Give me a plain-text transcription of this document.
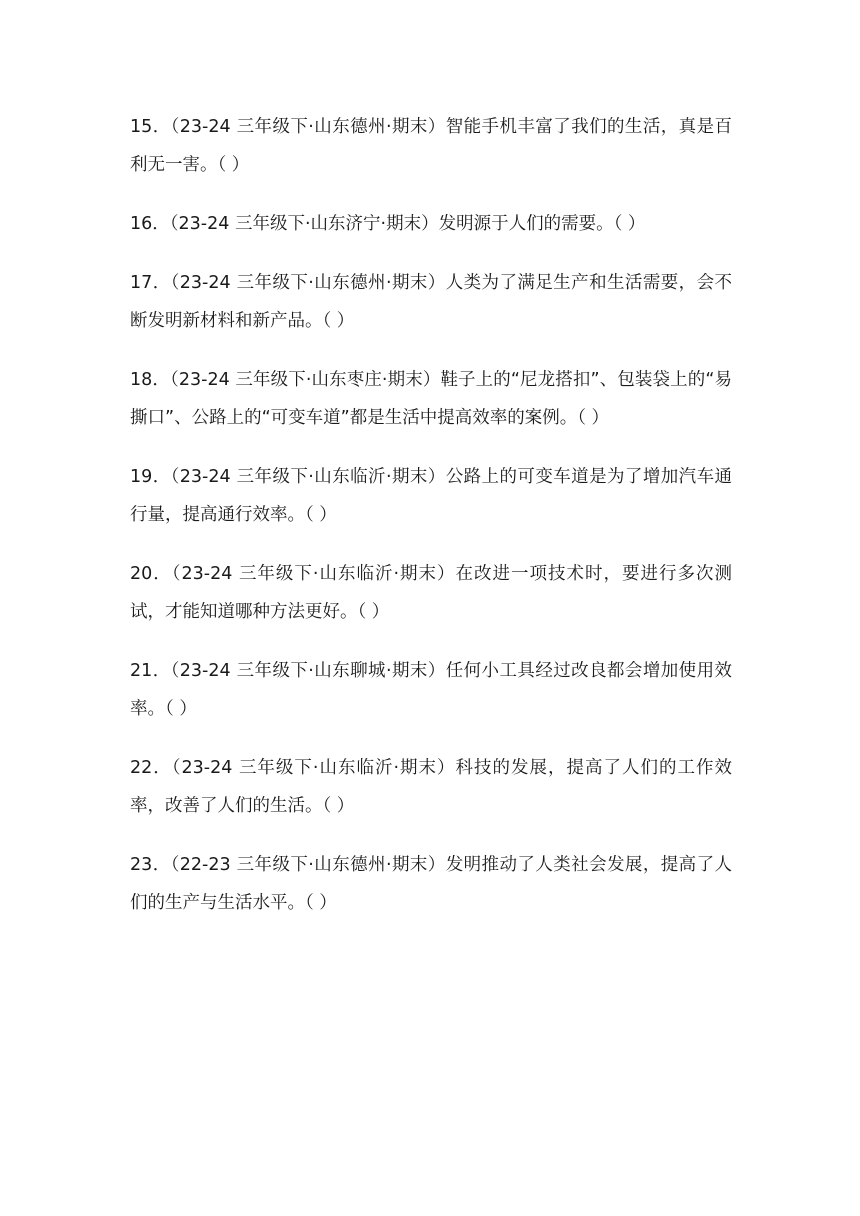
15．（23-24 三年级下·山东德州·期末）智能手机丰富了我们的生活，真是百利无一害。（ ）
16．（23-24 三年级下·山东济宁·期末）发明源于人们的需要。（ ）
17．（23-24 三年级下·山东德州·期末）人类为了满足生产和生活需要，会不断发明新材料和新产品。（ ）
18．（23-24 三年级下·山东枣庄·期末）鞋子上的“尼龙搭扣”、包装袋上的“易撕口”、公路上的“可变车道”都是生活中提高效率的案例。（ ）
19．（23-24 三年级下·山东临沂·期末）公路上的可变车道是为了增加汽车通行量，提高通行效率。（ ）
20．（23-24 三年级下·山东临沂·期末）在改进一项技术时，要进行多次测试，才能知道哪种方法更好。（ ）
21．（23-24 三年级下·山东聊城·期末）任何小工具经过改良都会增加使用效率。（ ）
22．（23-24 三年级下·山东临沂·期末）科技的发展，提高了人们的工作效率，改善了人们的生活。（ ）
23．（22-23 三年级下·山东德州·期末）发明推动了人类社会发展，提高了人们的生产与生活水平。（ ）
